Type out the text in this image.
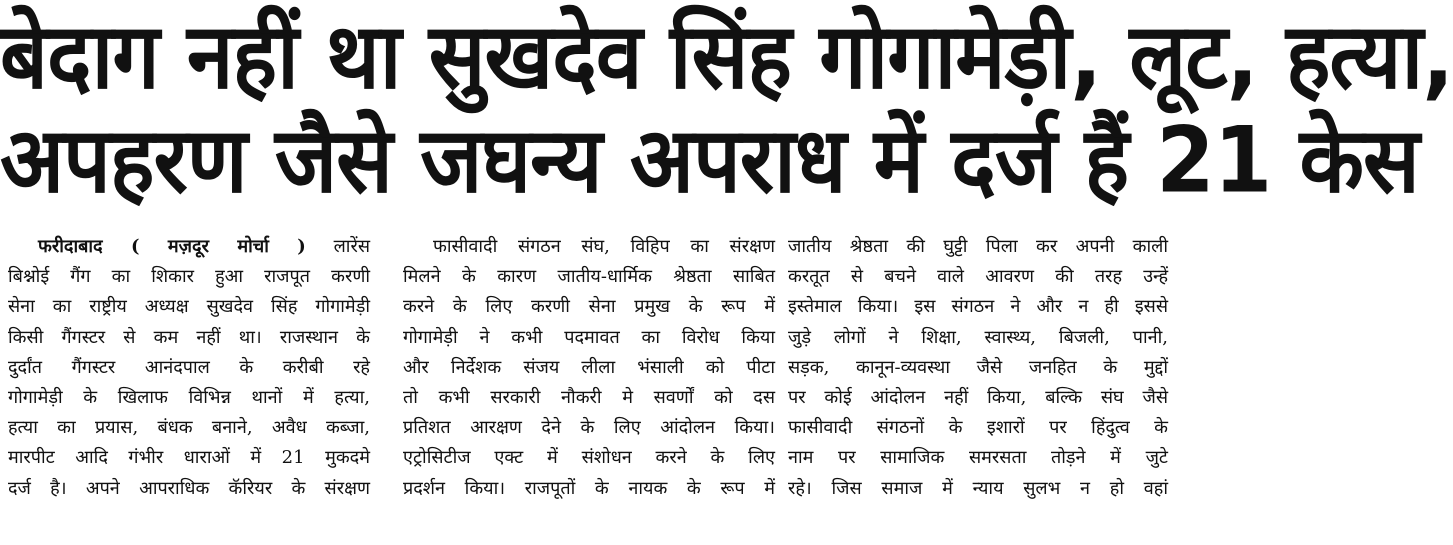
बेदाग नहीं था सुखदेव सिंह गोगामेड़ी, लूट, हत्या,
अपहरण जैसे जघन्य अपराध में दर्ज हैं 21 केस
फरीदाबाद ( मज़दूर मोर्चा ) लारेंस
बिश्नोई गैंग का शिकार हुआ राजपूत करणी
सेना का राष्ट्रीय अध्यक्ष सुखदेव सिंह गोगामेड़ी
किसी गैंगस्टर से कम नहीं था। राजस्थान के
दुर्दांत गैंगस्टर आनंदपाल के करीबी रहे
गोगामेड़ी के खिलाफ विभिन्न थानों में हत्या,
हत्या का प्रयास, बंधक बनाने, अवैध कब्जा,
मारपीट आदि गंभीर धाराओं में 21 मुकदमे
दर्ज है। अपने आपराधिक कॅरियर के संरक्षण
फासीवादी संगठन संघ, विहिप का संरक्षण
मिलने के कारण जातीय-धार्मिक श्रेष्ठता साबित
करने के लिए करणी सेना प्रमुख के रूप में
गोगामेड़ी ने कभी पदमावत का विरोध किया
और निर्देशक संजय लीला भंसाली को पीटा
तो कभी सरकारी नौकरी मे सवर्णों को दस
प्रतिशत आरक्षण देने के लिए आंदोलन किया।
एट्रोसिटीज एक्ट में संशोधन करने के लिए
प्रदर्शन किया। राजपूतों के नायक के रूप में
जातीय श्रेष्ठता की घुट्टी पिला कर अपनी काली
करतूत से बचने वाले आवरण की तरह उन्हें
इस्तेमाल किया। इस संगठन ने और न ही इससे
जुड़े लोगों ने शिक्षा, स्वास्थ्य, बिजली, पानी,
सड़क, कानून-व्यवस्था जैसे जनहित के मुद्दों
पर कोई आंदोलन नहीं किया, बल्कि संघ जैसे
फासीवादी संगठनों के इशारों पर हिंदुत्व के
नाम पर सामाजिक समरसता तोड़ने में जुटे
रहे। जिस समाज में न्याय सुलभ न हो वहां
